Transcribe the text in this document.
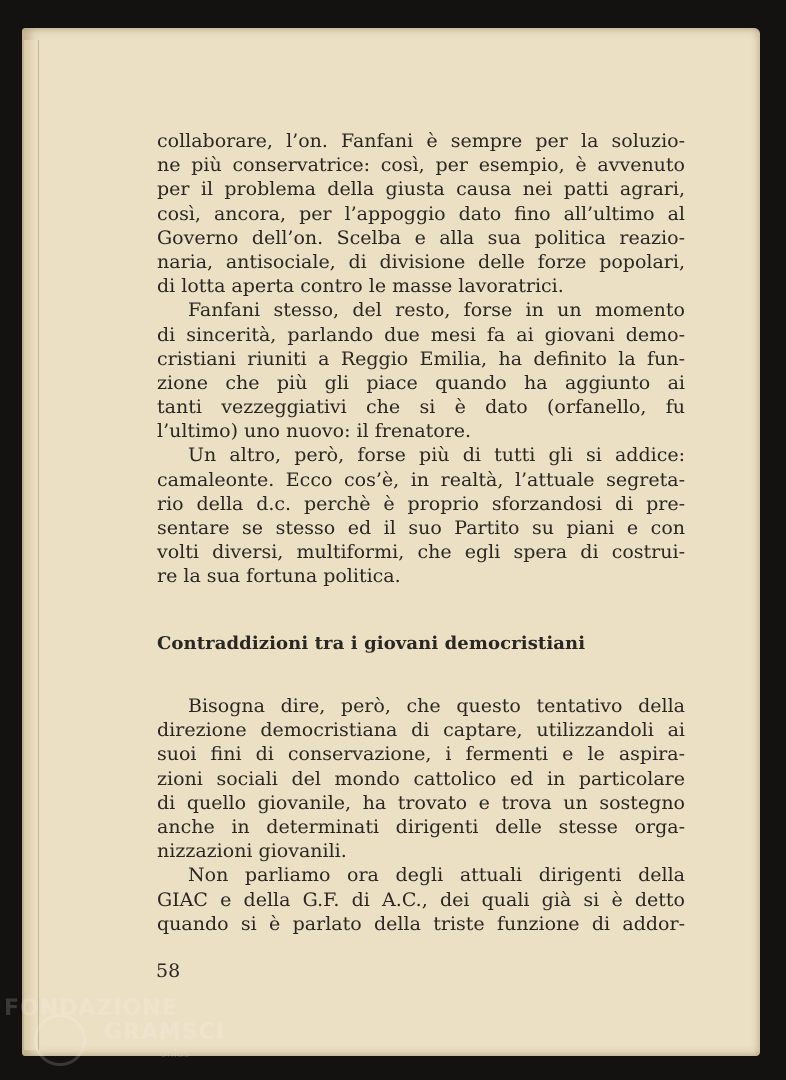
collaborare, l’on. Fanfani è sempre per la soluzio-
ne più conservatrice: così, per esempio, è avvenuto
per il problema della giusta causa nei patti agrari,
così, ancora, per l’appoggio dato fino all’ultimo al
Governo dell’on. Scelba e alla sua politica reazio-
naria, antisociale, di divisione delle forze popolari,
di lotta aperta contro le masse lavoratrici.
Fanfani stesso, del resto, forse in un momento
di sincerità, parlando due mesi fa ai giovani demo-
cristiani riuniti a Reggio Emilia, ha definito la fun-
zione che più gli piace quando ha aggiunto ai
tanti vezzeggiativi che si è dato (orfanello, fu
l’ultimo) uno nuovo: il frenatore.
Un altro, però, forse più di tutti gli si addice:
camaleonte. Ecco cos’è, in realtà, l’attuale segreta-
rio della d.c. perchè è proprio sforzandosi di pre-
sentare se stesso ed il suo Partito su piani e con
volti diversi, multiformi, che egli spera di costrui-
re la sua fortuna politica.
Contraddizioni tra i giovani democristiani
Bisogna dire, però, che questo tentativo della
direzione democristiana di captare, utilizzandoli ai
suoi fini di conservazione, i fermenti e le aspira-
zioni sociali del mondo cattolico ed in particolare
di quello giovanile, ha trovato e trova un sostegno
anche in determinati dirigenti delle stesse orga-
nizzazioni giovanili.
Non parliamo ora degli attuali dirigenti della
GIAC e della G.F. di A.C., dei quali già si è detto
quando si è parlato della triste funzione di addor-
58
FONDAZIONE
GRAMSCI
onlus
